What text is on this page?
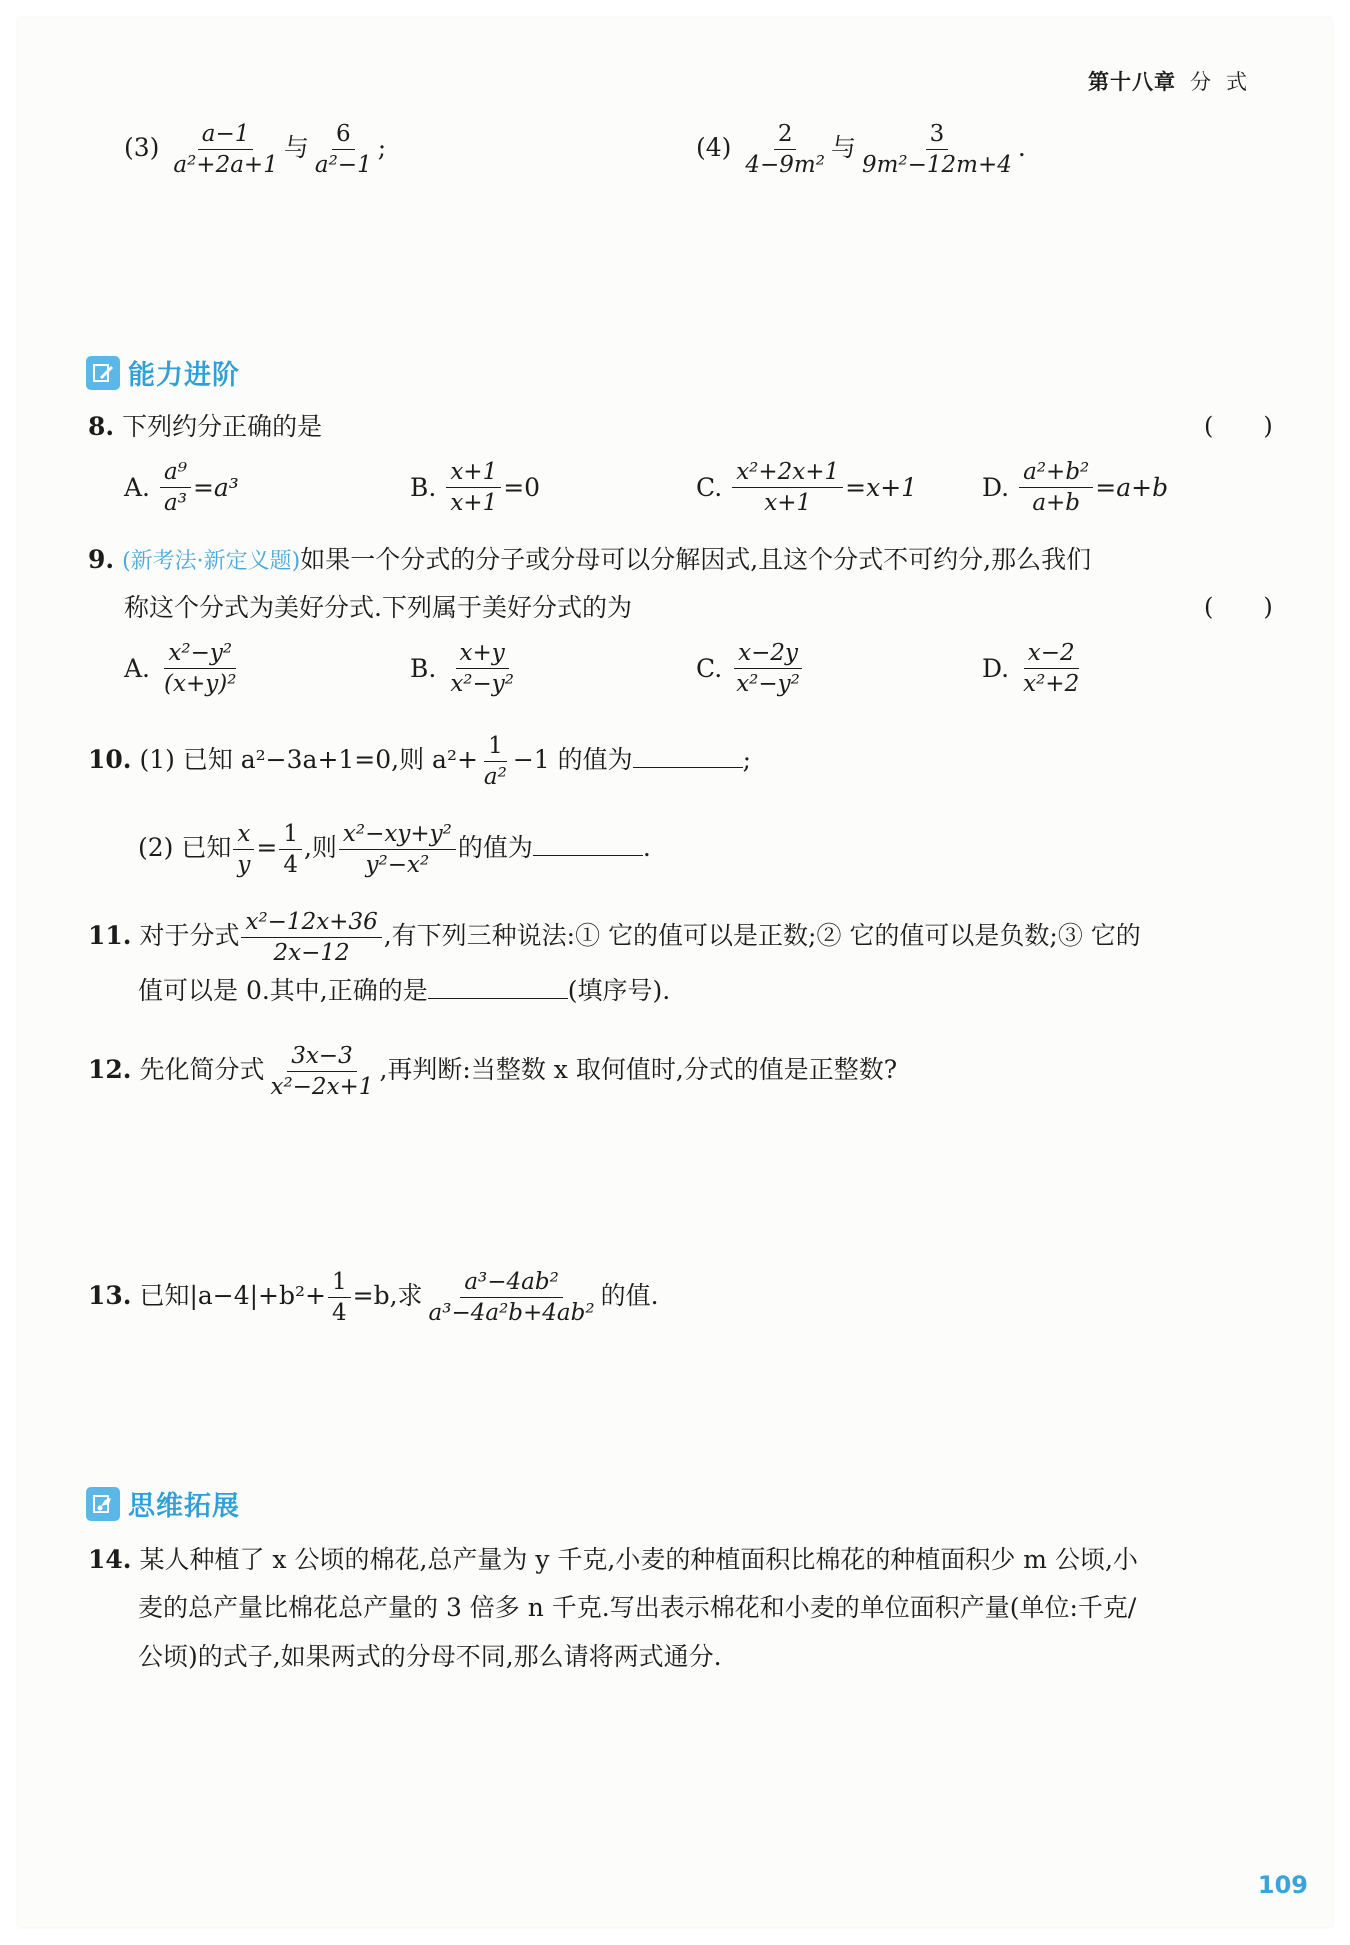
第十八章 分 式
$(3) \frac{a-1}{\text{a²+2a+1}}$ 与 $\frac{6}{\text{a²−1}}$ ;	$(4) \frac{2}{\text{4−9m²}}$ 与 $\frac{3}{\text{9m²−12m+4}}$ .
能力进阶
8. 下列约分正确的是	( )
A. $\frac{\text{a⁹}}{\text{a³}} =a^3$	B. $\frac{x+1}{x+1} =0$	C. $\frac{\text{x²+2x+1}}{x+1} =x+1$	D. $\frac{\text{a²+b²}}{a+b} =a+b$
9. (新考法·新定义题)如果一个分式的分子或分母可以分解因式,且这个分式不可约分,那么我们
称这个分式为美好分式.下列属于美好分式的为	( )
A. $\frac{\text{x²−y²}}{\text{(x+y)²}}$	B. $\frac{x+y}{\text{x²−y²}}$	C. $\frac{x-2y}{\text{x²−y²}}$	D. $\frac{x-2}{\text{x²+2}}$
10. (1) 已知 a²−3a+1=0,则 $a^2+ \frac{1}{\text{a²}} -1$ 的值为	;
(2) 已知 $\frac{x}{y} = \frac{1}{4}$ ,则 $\frac{\text{x²−xy+y²}}{\text{y²−x²}}$ 的值为	.
11. 对于分式 $\frac{\text{x²−12x+36}}{2x-12}$ ,有下列三种说法:① 它的值可以是正数;② 它的值可以是负数;③ 它的
值可以是 0.其中,正确的是	(填序号).
12. 先化简分式 $\frac{3x-3}{\text{x²−2x+1}}$ ,再判断:当整数 x 取何值时,分式的值是正整数?
13. 已知$|a-4|+b^2+ \frac{1}{4} =b$,求 $\frac{\text{a³−4ab²}}{\text{a³−4a²b+4ab²}}$ 的值.
思维拓展
14. 某人种植了 x 公顷的棉花,总产量为 y 千克,小麦的种植面积比棉花的种植面积少 m 公顷,小
麦的总产量比棉花总产量的 3 倍多 n 千克.写出表示棉花和小麦的单位面积产量(单位:千克/
公顷)的式子,如果两式的分母不同,那么请将两式通分.
109
